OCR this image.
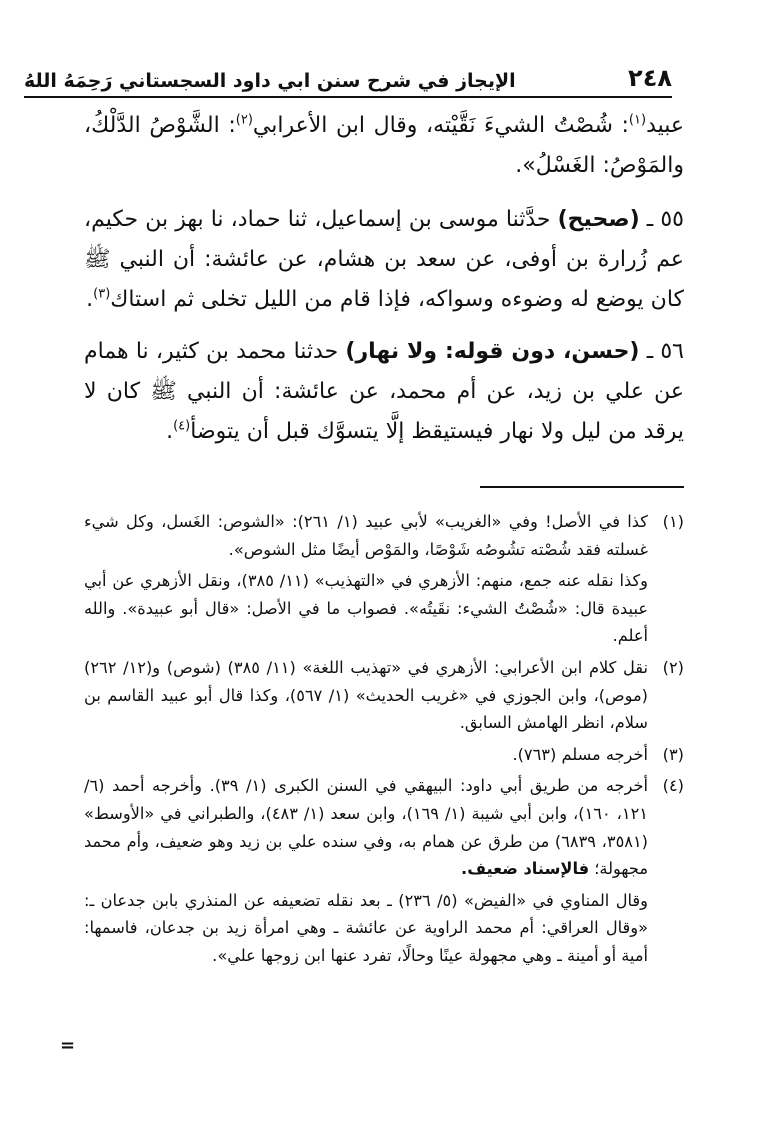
٢٤٨
الإيجاز في شرح سنن ابي داود السجستاني رَحِمَهُ اللهُ

عبيد$^{(١)}$: شُصْتُ الشيءَ نَقَّيْته، وقال ابن الأعرابي$^{(٢)}$: الشَّوْصُ الدَّلْكُ، والمَوْصُ: الغَسْلُ».

٥٥ ـ (صحيح) حدَّثنا موسى بن إسماعيل، ثنا حماد، نا بهز بن حكيم، عم زُرارة بن أوفى، عن سعد بن هشام، عن عائشة: أن النبي ﷺ كان يوضع له وضوءه وسواكه، فإذا قام من الليل تخلى ثم استاك$^{(٣)}$.

٥٦ ـ (حسن، دون قوله: ولا نهار) حدثنا محمد بن كثير، نا همام عن علي بن زيد، عن أم محمد، عن عائشة: أن النبي ﷺ كان لا يرقد من ليل ولا نهار فيستيقظ إلَّا يتسوَّك قبل أن يتوضأ$^{(٤)}$.

(١)
كذا في الأصل! وفي «الغريب» لأبي عبيد (١/ ٢٦١): «الشوص: الغَسل، وكل شيء غسلته فقد شُصْته تشُوصُه شَوْصًا، والمَوْص أيضًا مثل الشوص».
وكذا نقله عنه جمع، منهم: الأزهري في «التهذيب» (١١/ ٣٨٥)، ونقل الأزهري عن أبي عبيدة قال: «شُصْتُ الشيء: نقَيتُه». فصواب ما في الأصل: «قال أبو عبيدة». والله أعلم.
(٢)
نقل كلام ابن الأعرابي: الأزهري في «تهذيب اللغة» (١١/ ٣٨٥) (شوص) و(١٢/ ٢٦٢) (موص)، وابن الجوزي في «غريب الحديث» (١/ ٥٦٧)، وكذا قال أبو عبيد القاسم بن سلام، انظر الهامش السابق.
(٣)
أخرجه مسلم (٧٦٣).
(٤)
أخرجه من طريق أبي داود: البيهقي في السنن الكبرى (١/ ٣٩). وأخرجه أحمد (٦/ ١٢١، ١٦٠)، وابن أبي شيبة (١/ ١٦٩)، وابن سعد (١/ ٤٨٣)، والطبراني في «الأوسط» (٣٥٨١، ٦٨٣٩) من طرق عن همام به، وفي سنده علي بن زيد وهو ضعيف، وأم محمد مجهولة؛ فالإسناد ضعيف.
وقال المناوي في «الفيض» (٥/ ٢٣٦) ـ بعد نقله تضعيفه عن المنذري بابن جدعان ـ: «وقال العراقي: أم محمد الراوية عن عائشة ـ وهي امرأة زيد بن جدعان، فاسمها: أمية أو أمينة ـ وهي مجهولة عينًا وحالًا، تفرد عنها ابن زوجها علي».
=
